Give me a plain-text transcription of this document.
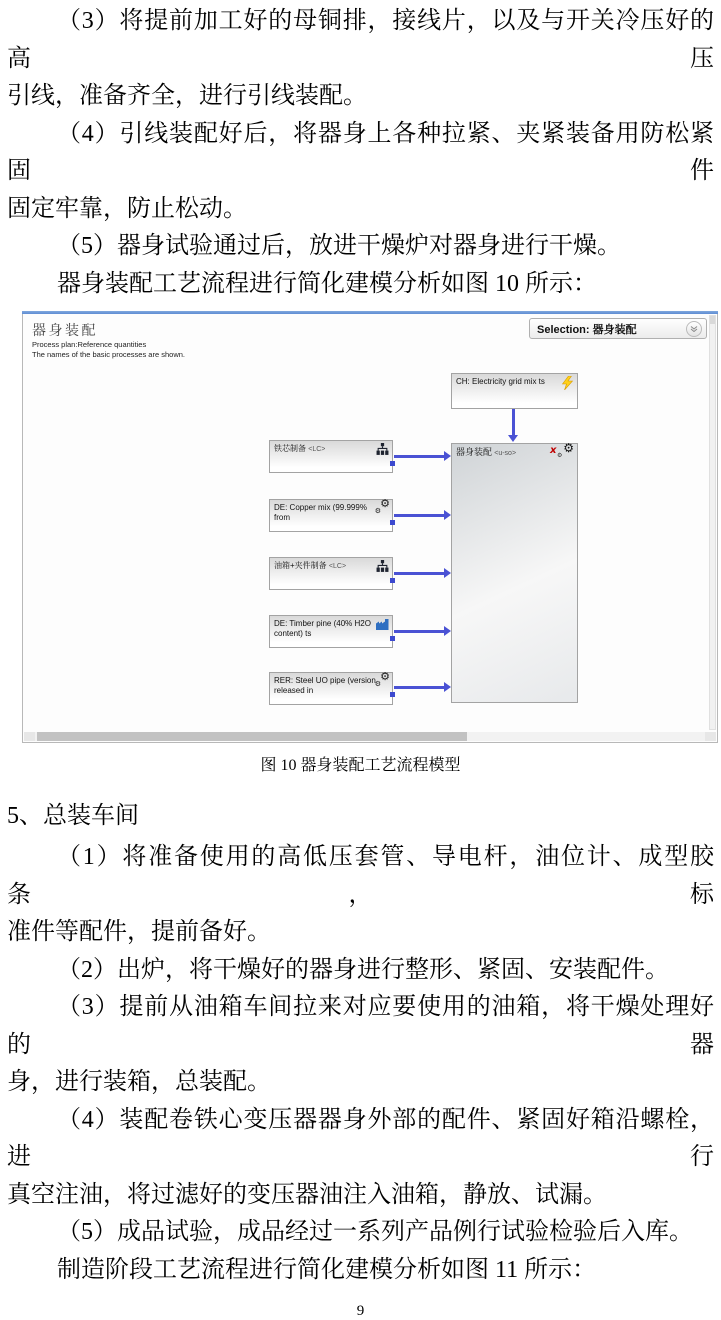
（3）将提前加工好的母铜排，接线片，以及与开关冷压好的高压
引线，准备齐全，进行引线装配。
（4）引线装配好后，将器身上各种拉紧、夹紧装备用防松紧固件
固定牢靠，防止松动。
（5）器身试验通过后，放进干燥炉对器身进行干燥。
器身装配工艺流程进行简化建模分析如图 10 所示：
器身装配
Process plan:Reference quantities
The names of the basic processes are shown.
Selection: 器身装配
CH: Electricity grid mix ts
器身装配 <u-so>	x ⚙
⚙
铁芯制备 <LC>
DE: Copper mix (99.999% from
⚙
⚙
油箱+夹件制备 <LC>
DE: Timber pine (40% H2O content) ts
RER: Steel UO pipe (version released in
⚙
⚙
图 10 器身装配工艺流程模型
5、总装车间
（1）将准备使用的高低压套管、导电杆，油位计、成型胶条，标
准件等配件，提前备好。
（2）出炉，将干燥好的器身进行整形、紧固、安装配件。
（3）提前从油箱车间拉来对应要使用的油箱，将干燥处理好的器
身，进行装箱，总装配。
（4）装配卷铁心变压器器身外部的配件、紧固好箱沿螺栓，进行
真空注油，将过滤好的变压器油注入油箱，静放、试漏。
（5）成品试验，成品经过一系列产品例行试验检验后入库。
制造阶段工艺流程进行简化建模分析如图 11 所示：
9
